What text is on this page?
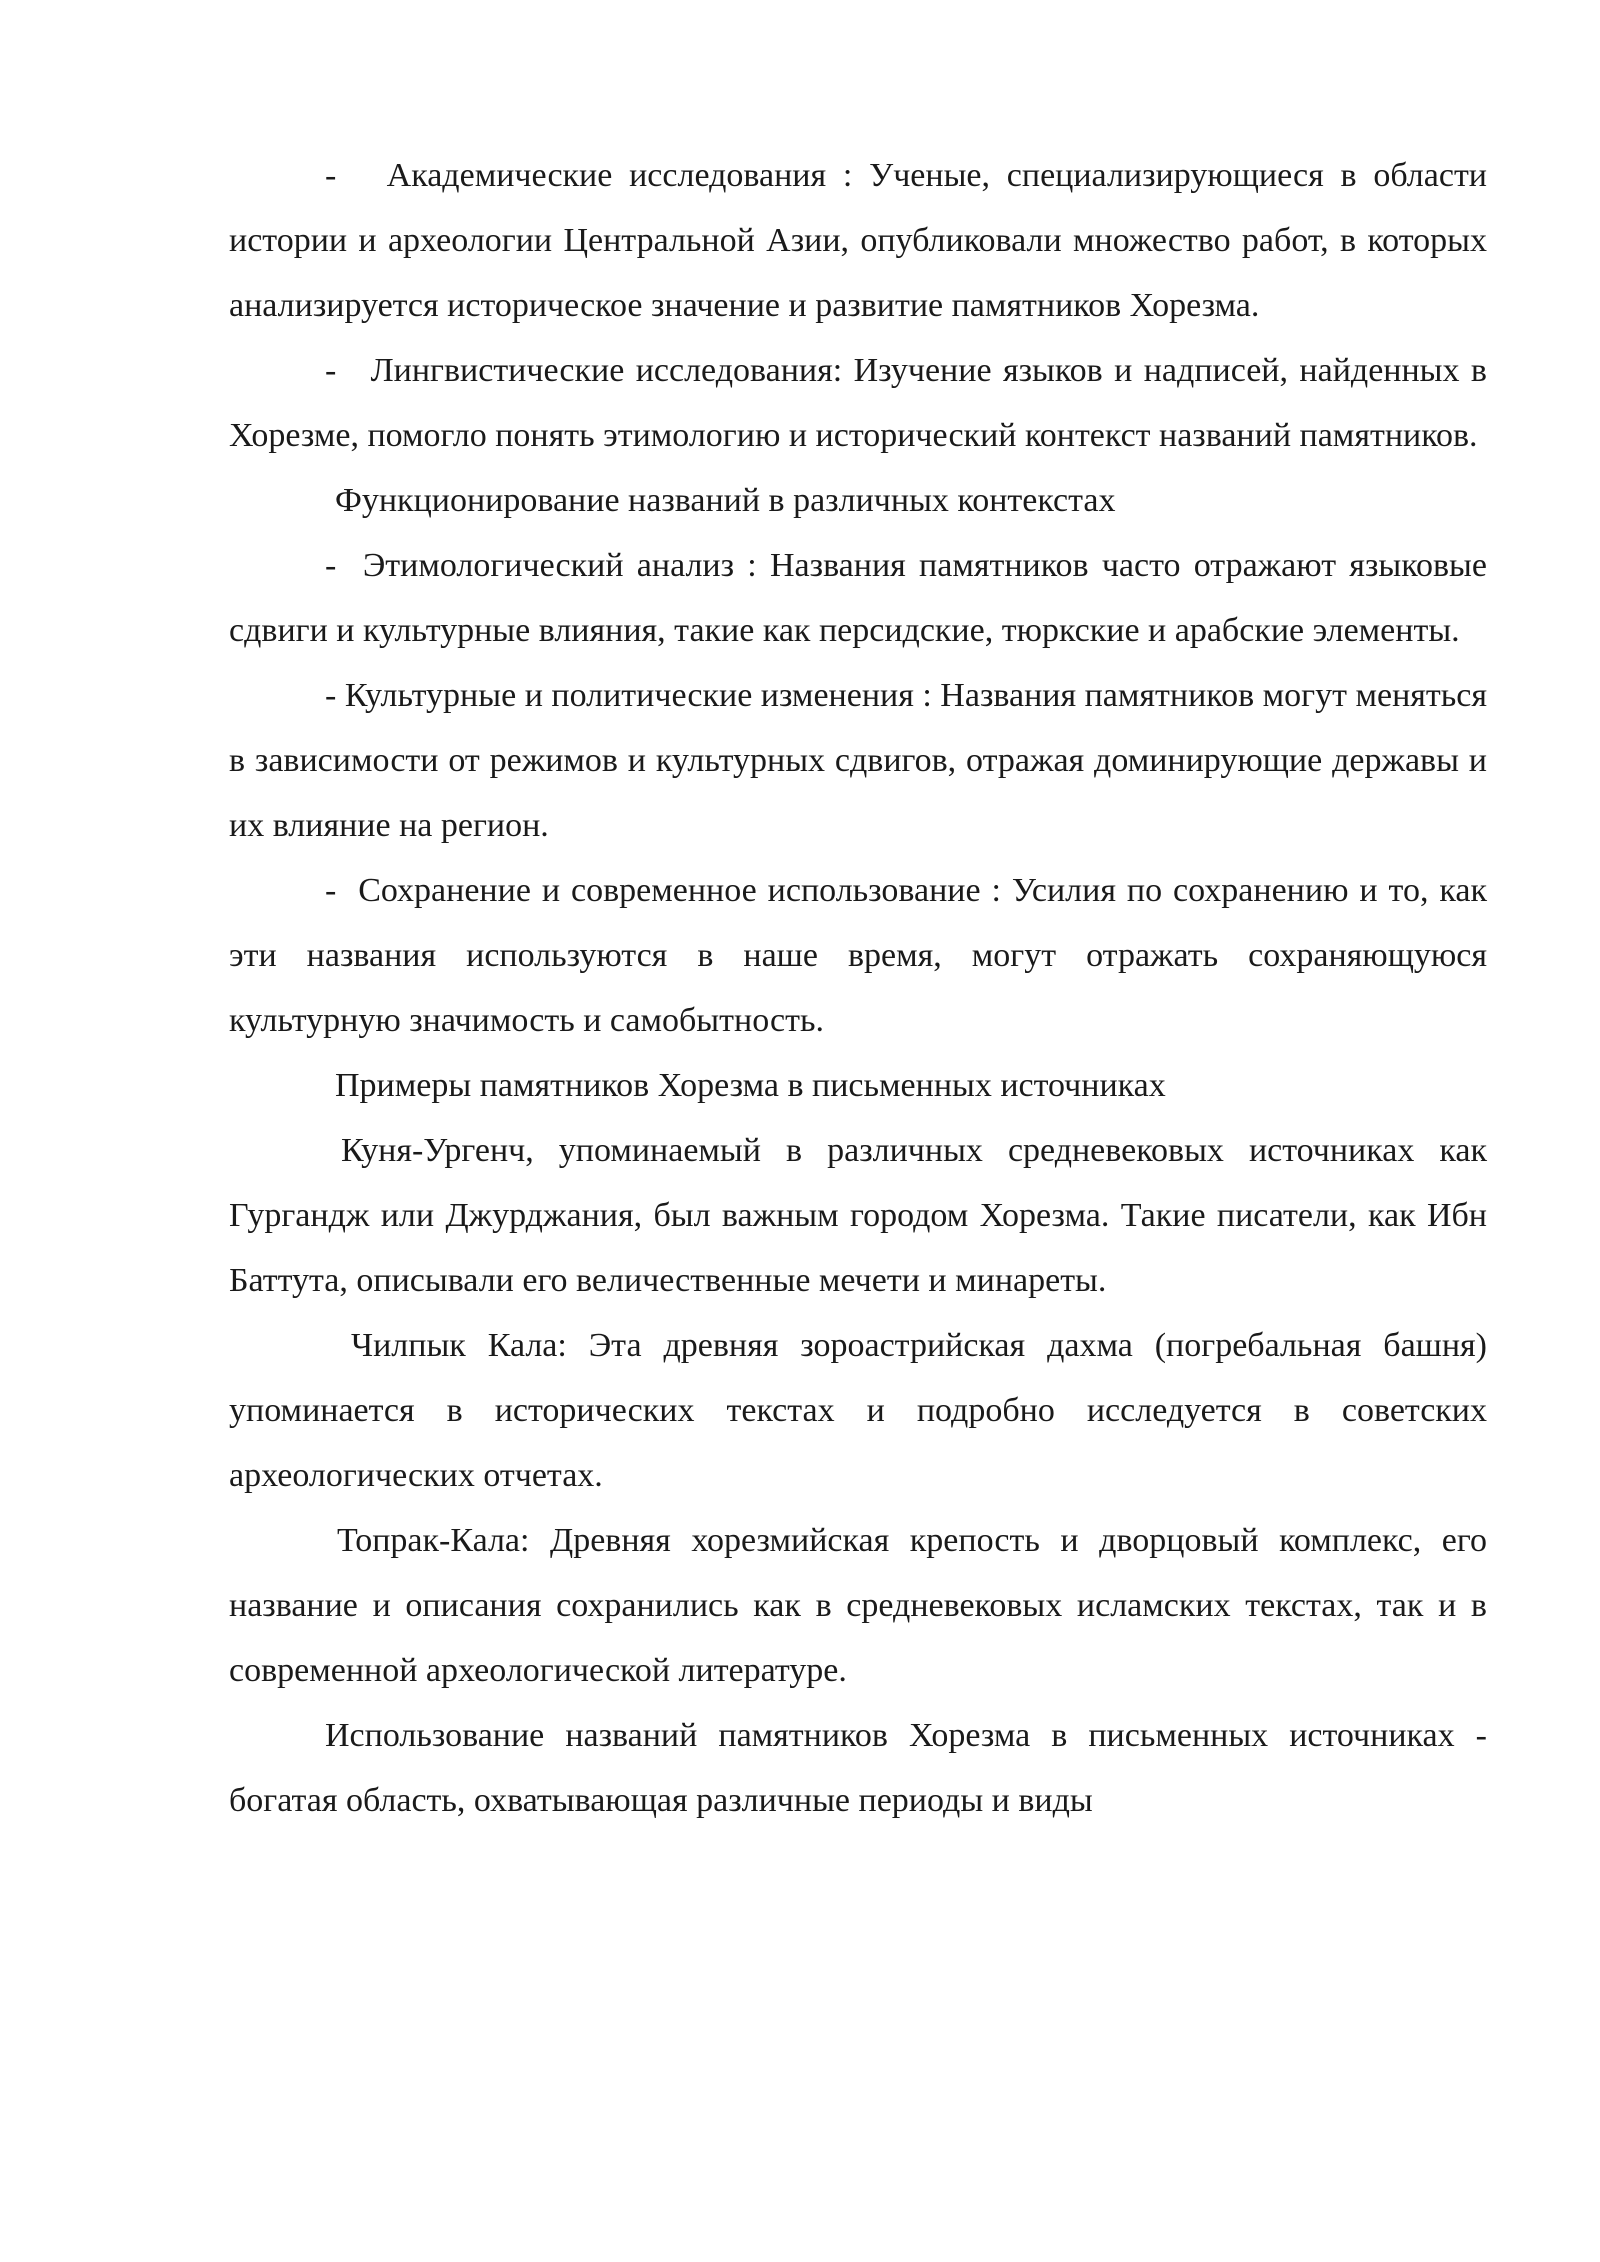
- Академические исследования : Ученые, специализирующиеся в области истории и археологии Центральной Азии, опубликовали множество работ, в которых анализируется историческое значение и развитие памятников Хорезма.

- Лингвистические исследования: Изучение языков и надписей, найденных в Хорезме, помогло понять этимологию и исторический контекст названий памятников.

Функционирование названий в различных контекстах

- Этимологический анализ : Названия памятников часто отражают языковые сдвиги и культурные влияния, такие как персидские, тюркские и арабские элементы.

- Культурные и политические изменения : Названия памятников могут меняться в зависимости от режимов и культурных сдвигов, отражая доминирующие державы и их влияние на регион.

- Сохранение и современное использование : Усилия по сохранению и то, как эти названия используются в наше время, могут отражать сохраняющуюся культурную значимость и самобытность.

Примеры памятников Хорезма в письменных источниках

Куня-Ургенч, упоминаемый в различных средневековых источниках как Гургандж или Джурджания, был важным городом Хорезма. Такие писатели, как Ибн Баттута, описывали его величественные мечети и минареты.

Чилпык Кала: Эта древняя зороастрийская дахма (погребальная башня) упоминается в исторических текстах и подробно исследуется в советских археологических отчетах.

Топрак-Кала: Древняя хорезмийская крепость и дворцовый комплекс, его название и описания сохранились как в средневековых исламских текстах, так и в современной археологической литературе.

Использование названий памятников Хорезма в письменных источниках - богатая область, охватывающая различные периоды и виды
